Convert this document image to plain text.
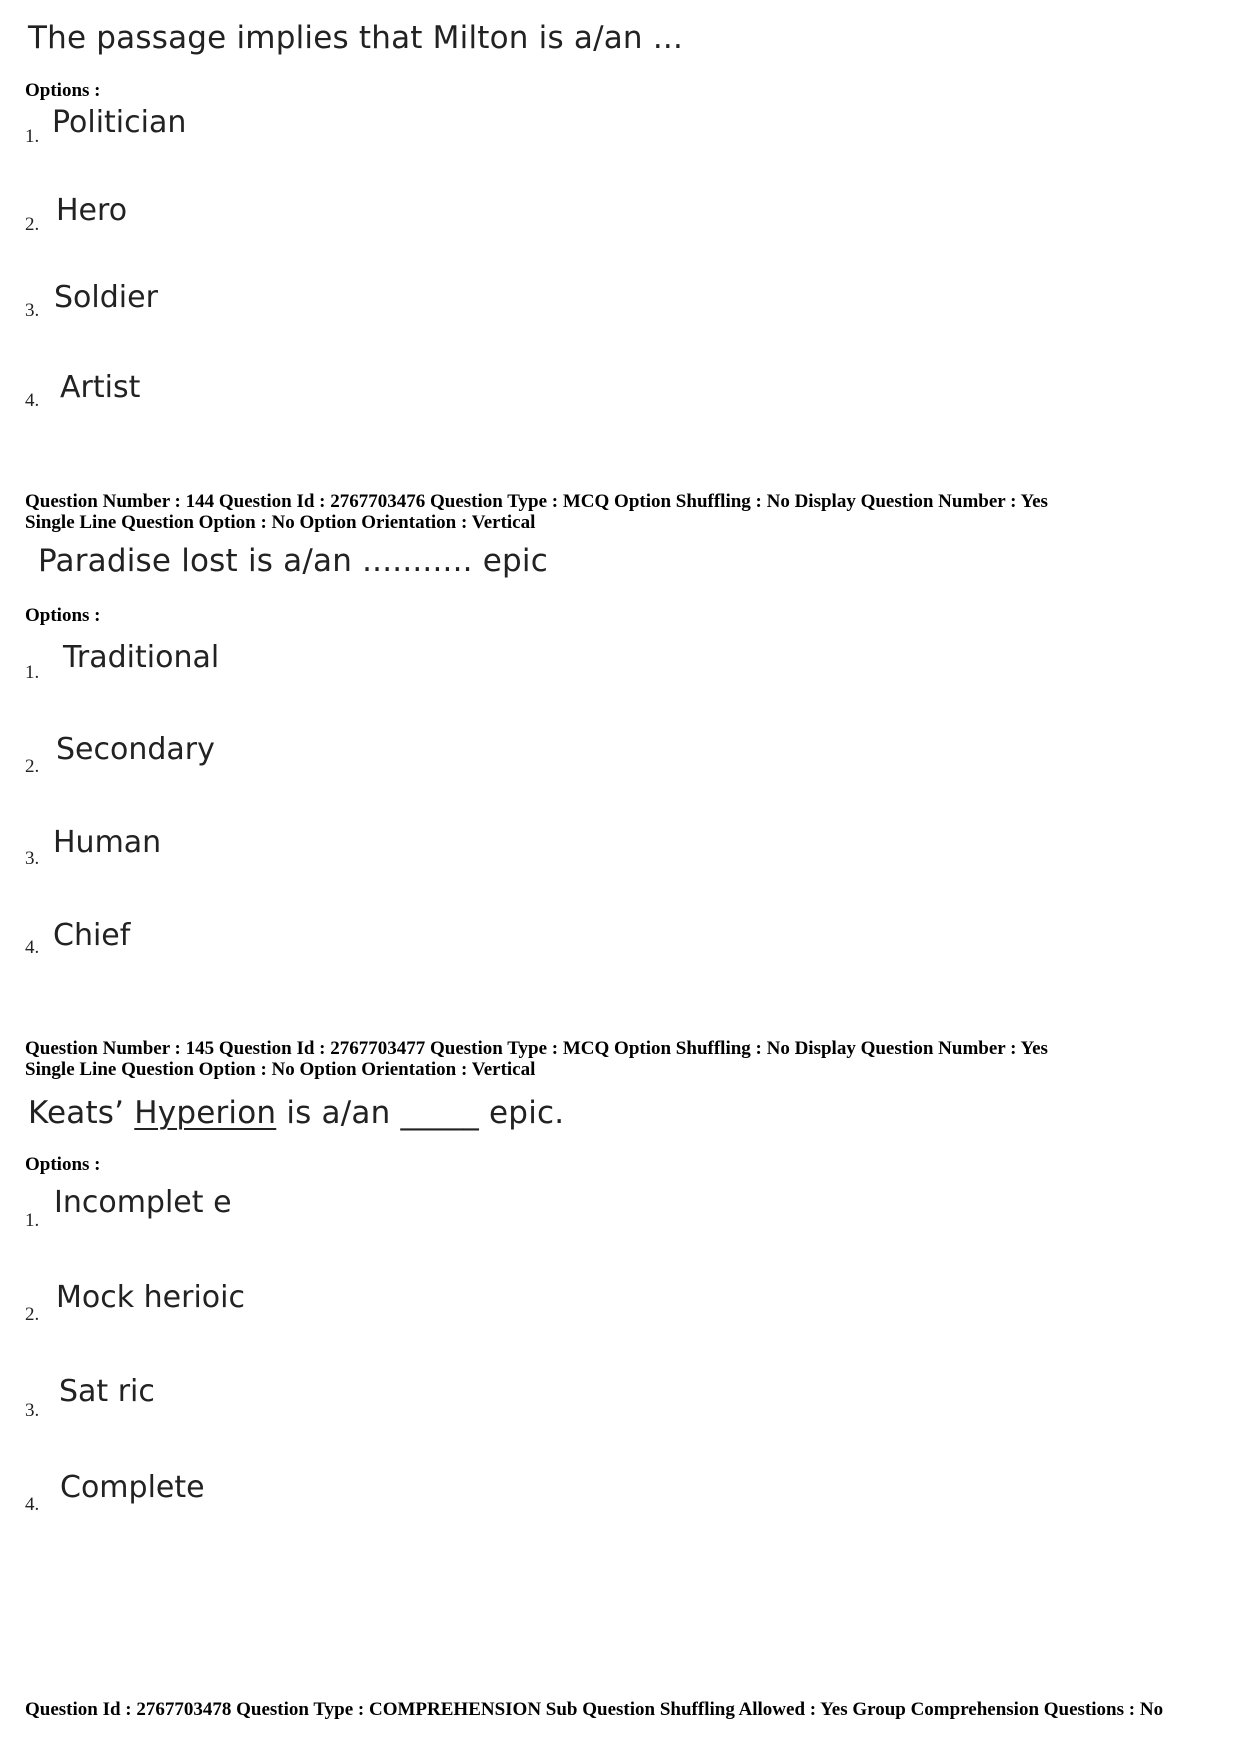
The passage implies that Milton is a/an ...
Options :
1. Politician
2. Hero
3. Soldier
4. Artist
Question Number : 144 Question Id : 2767703476 Question Type : MCQ Option Shuffling : No Display Question Number : Yes
Single Line Question Option : No Option Orientation : Vertical
Paradise lost is a/an ........... epic
Options :
1. Traditional
2. Secondary
3. Human
4. Chief
Question Number : 145 Question Id : 2767703477 Question Type : MCQ Option Shuffling : No Display Question Number : Yes
Single Line Question Option : No Option Orientation : Vertical
Keats’ Hyperion is a/an _____ epic.
Options :
1.
Incomplet e
2. Mock herioic
3.
Sat ric
4. Complete
Question Id : 2767703478 Question Type : COMPREHENSION Sub Question Shuffling Allowed : Yes Group Comprehension Questions : No
